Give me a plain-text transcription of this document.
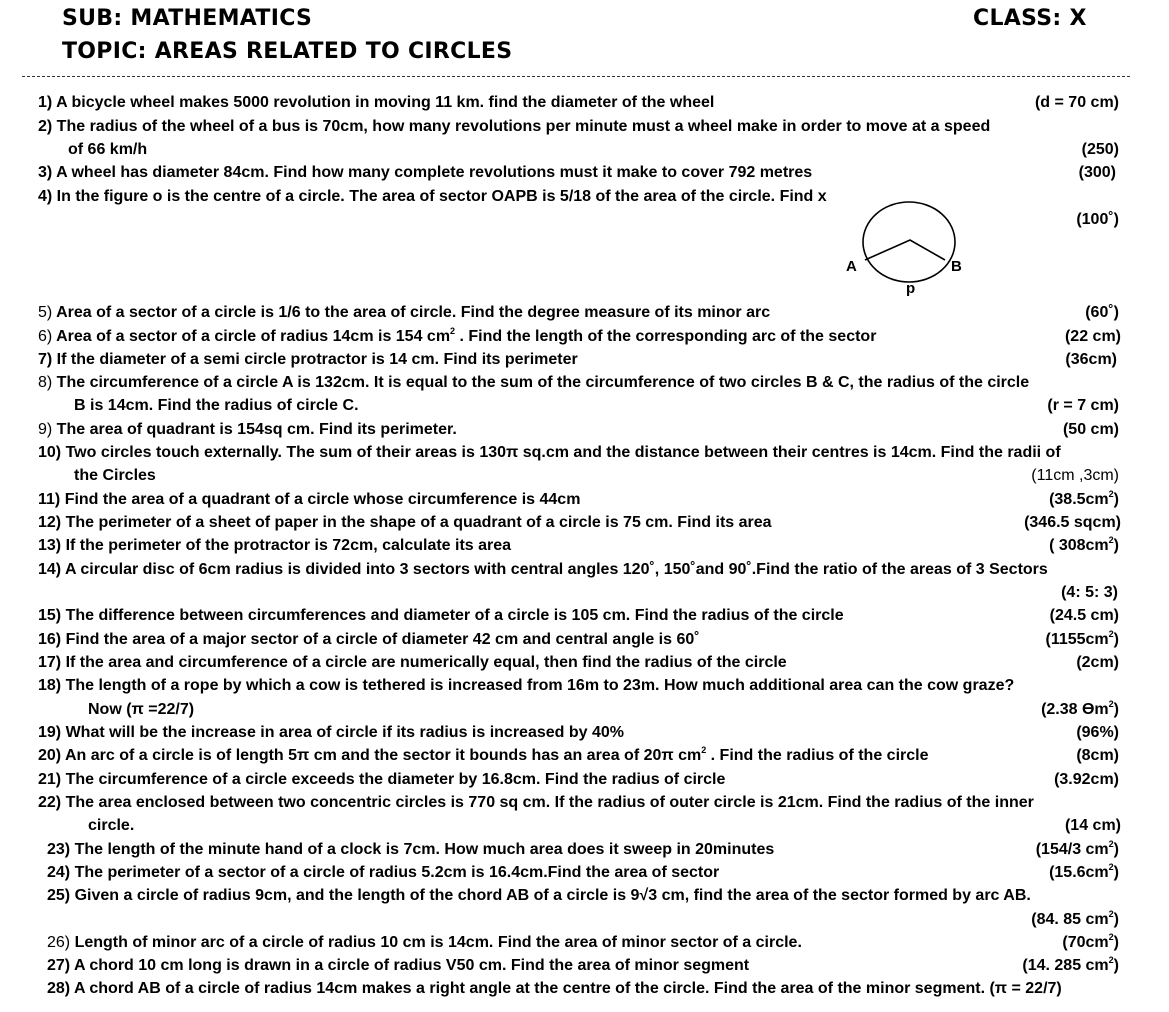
SUB: MATHEMATICS	CLASS: X
TOPIC: AREAS RELATED TO CIRCLES
1) A bicycle wheel makes 5000 revolution in moving 11 km. find the diameter of the wheel	(d = 70 cm)
2) The radius of the wheel of a bus is 70cm, how many revolutions per minute must a wheel make in order to move at a speed
of 66 km/h	(250)
3) A wheel has diameter 84cm. Find how many complete revolutions must it make to cover 792 metres	(300)
4) In the figure o is the centre of a circle. The area of sector OAPB is 5/18 of the area of the circle. Find x
(100˚)
A	B
p
5) Area of a sector of a circle is 1/6 to the area of circle. Find the degree measure of its minor arc	(60˚)
6) Area of a sector of a circle of radius 14cm is 154 $cm^2$ . Find the length of the corresponding arc of the sector	(22 cm)
7) If the diameter of a semi circle protractor is 14 cm. Find its perimeter	(36cm)
8) The circumference of a circle A is 132cm. It is equal to the sum of the circumference of two circles B & C, the radius of the circle
B is 14cm. Find the radius of circle C.	(r = 7 cm)
9) The area of quadrant is 154sq cm. Find its perimeter.	(50 cm)
10) Two circles touch externally. The sum of their areas is 130π sq.cm and the distance between their centres is 14cm. Find the radii of
the Circles	(11cm ,3cm)
11) Find the area of a quadrant of a circle whose circumference is 44cm	$(38.5cm^2)$
12) The perimeter of a sheet of paper in the shape of a quadrant of a circle is 75 cm. Find its area	(346.5 sqcm)
13) If the perimeter of the protractor is 72cm, calculate its area	( $308cm^2$)
14) A circular disc of 6cm radius is divided into 3 sectors with central angles 120˚, 150˚and 90˚.Find the ratio of the areas of 3 Sectors
(4: 5: 3)
15) The difference between circumferences and diameter of a circle is 105 cm. Find the radius of the circle	(24.5 cm)
16) Find the area of a major sector of a circle of diameter 42 cm and central angle is 60˚	$(1155cm^2)$
17) If the area and circumference of a circle are numerically equal, then find the radius of the circle	(2cm)
18) The length of a rope by which a cow is tethered is increased from 16m to 23m. How much additional area can the cow graze?
Now (π =22/7)	(2.38 $Өm^2$)
19) What will be the increase in area of circle if its radius is increased by 40%	(96%)
20) An arc of a circle is of length 5π cm and the sector it bounds has an area of 20π $cm^2$ . Find the radius of the circle	(8cm)
21) The circumference of a circle exceeds the diameter by 16.8cm. Find the radius of circle	(3.92cm)
22) The area enclosed between two concentric circles is 770 sq cm. If the radius of outer circle is 21cm. Find the radius of the inner
circle.	(14 cm)
23) The length of the minute hand of a clock is 7cm. How much area does it sweep in 20minutes	(154/3 $cm^2$)
24) The perimeter of a sector of a circle of radius 5.2cm is 16.4cm.Find the area of sector	$(15.6cm^2)$
25) Given a circle of radius 9cm, and the length of the chord AB of a circle is 9√3 cm, find the area of the sector formed by arc AB.
(84. 85 $cm^2$)
26) Length of minor arc of a circle of radius 10 cm is 14cm. Find the area of minor sector of a circle.	$(70cm^2)$
27) A chord 10 cm long is drawn in a circle of radius V50 cm. Find the area of minor segment	(14. 285 $cm^2$)
28) A chord AB of a circle of radius 14cm makes a right angle at the centre of the circle. Find the area of the minor segment. (π = 22/7)
